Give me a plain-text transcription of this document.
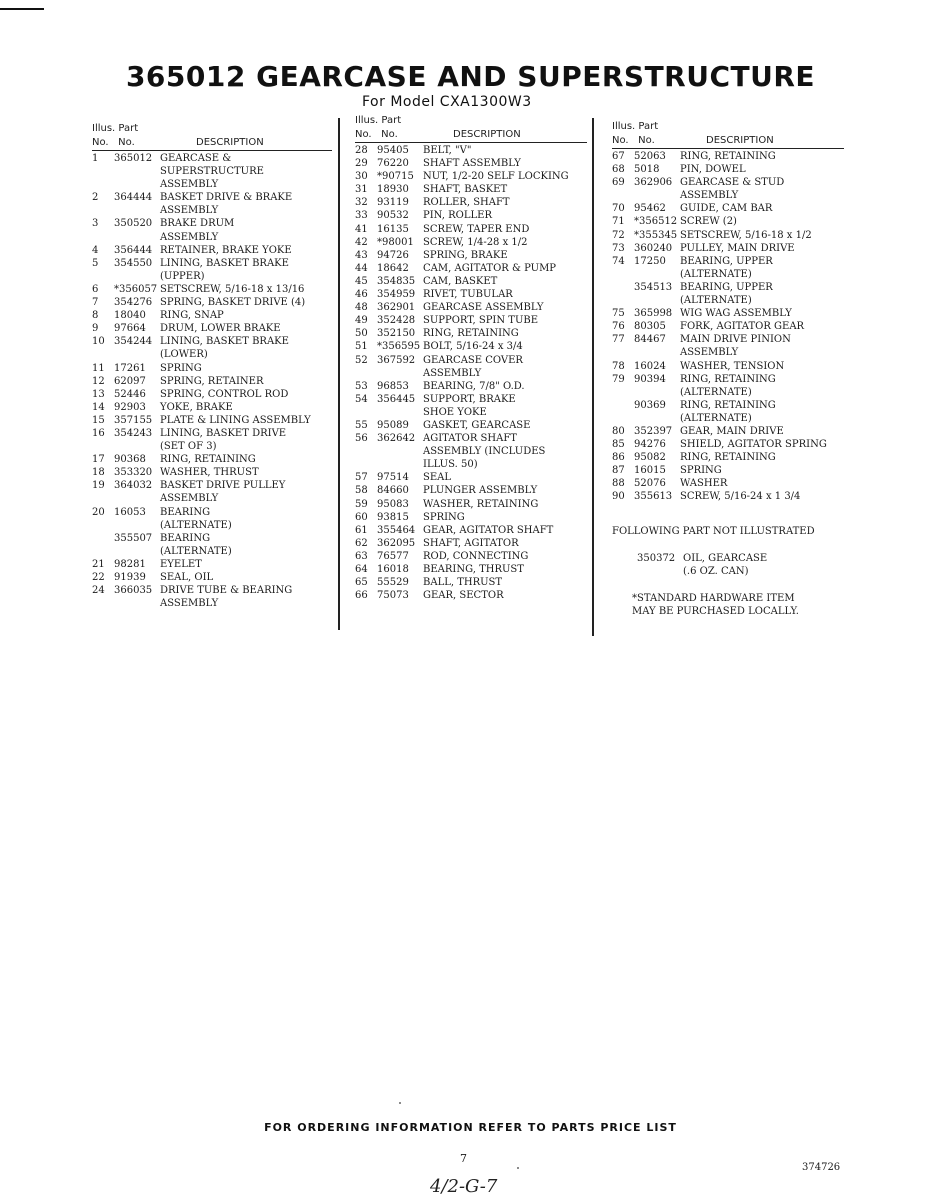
365012 GEARCASE AND SUPERSTRUCTURE
For Model CXA1300W3
Illus. Part
No. No.	DESCRIPTION
1	365012 GEARCASE &
SUPERSTRUCTURE
ASSEMBLY
2	364444 BASKET DRIVE & BRAKE
ASSEMBLY
3	350520 BRAKE DRUM
ASSEMBLY
4	356444 RETAINER, BRAKE YOKE
5	354550 LINING, BASKET BRAKE
(UPPER)
6	*356057 SETSCREW, 5/16-18 x 13/16
7	354276 SPRING, BASKET DRIVE (4)
8	18040	RING, SNAP
9	97664	DRUM, LOWER BRAKE
10 354244 LINING, BASKET BRAKE
(LOWER)
11 17261	SPRING
12 62097	SPRING, RETAINER
13 52446	SPRING, CONTROL ROD
14 92903	YOKE, BRAKE
15 357155 PLATE & LINING ASSEMBLY
16 354243 LINING, BASKET DRIVE
(SET OF 3)
17 90368	RING, RETAINING
18 353320 WASHER, THRUST
19 364032 BASKET DRIVE PULLEY
ASSEMBLY
20 16053	BEARING
(ALTERNATE)
355507 BEARING
(ALTERNATE)
21 98281	EYELET
22 91939	SEAL, OIL
24 366035 DRIVE TUBE & BEARING
ASSEMBLY
Illus. Part
No. No.	DESCRIPTION
28 95405	BELT, "V"
29 76220	SHAFT ASSEMBLY
30 *90715 NUT, 1/2-20 SELF LOCKING
31 18930	SHAFT, BASKET
32 93119	ROLLER, SHAFT
33 90532	PIN, ROLLER
41 16135	SCREW, TAPER END
42 *98001 SCREW, 1/4-28 x 1/2
43 94726	SPRING, BRAKE
44 18642	CAM, AGITATOR & PUMP
45 354835 CAM, BASKET
46 354959 RIVET, TUBULAR
48 362901 GEARCASE ASSEMBLY
49 352428 SUPPORT, SPIN TUBE
50 352150 RING, RETAINING
51 *356595 BOLT, 5/16-24 x 3/4
52 367592 GEARCASE COVER
ASSEMBLY
53 96853	BEARING, 7/8" O.D.
54 356445 SUPPORT, BRAKE
SHOE YOKE
55 95089	GASKET, GEARCASE
56 362642 AGITATOR SHAFT
ASSEMBLY (INCLUDES
ILLUS. 50)
57 97514	SEAL
58 84660	PLUNGER ASSEMBLY
59 95083	WASHER, RETAINING
60 93815	SPRING
61 355464 GEAR, AGITATOR SHAFT
62 362095 SHAFT, AGITATOR
63 76577	ROD, CONNECTING
64 16018	BEARING, THRUST
65 55529	BALL, THRUST
66 75073	GEAR, SECTOR
Illus. Part
No. No.	DESCRIPTION
67 52063	RING, RETAINING
68 5018	PIN, DOWEL
69 362906 GEARCASE & STUD
ASSEMBLY
70 95462	GUIDE, CAM BAR
71 *356512 SCREW (2)
72 *355345 SETSCREW, 5/16-18 x 1/2
73 360240 PULLEY, MAIN DRIVE
74 17250	BEARING, UPPER
(ALTERNATE)
354513 BEARING, UPPER
(ALTERNATE)
75 365998 WIG WAG ASSEMBLY
76 80305	FORK, AGITATOR GEAR
77 84467	MAIN DRIVE PINION
ASSEMBLY
78 16024	WASHER, TENSION
79 90394	RING, RETAINING
(ALTERNATE)
90369	RING, RETAINING
(ALTERNATE)
80 352397 GEAR, MAIN DRIVE
85 94276	SHIELD, AGITATOR SPRING
86 95082	RING, RETAINING
87 16015	SPRING
88 52076	WASHER
90 355613 SCREW, 5/16-24 x 1 3/4
FOLLOWING PART NOT ILLUSTRATED
350372 OIL, GEARCASE
(.6 OZ. CAN)
*STANDARD HARDWARE ITEM
MAY BE PURCHASED LOCALLY.
FOR ORDERING INFORMATION REFER TO PARTS PRICE LIST
7
374726
4/2-G-7
